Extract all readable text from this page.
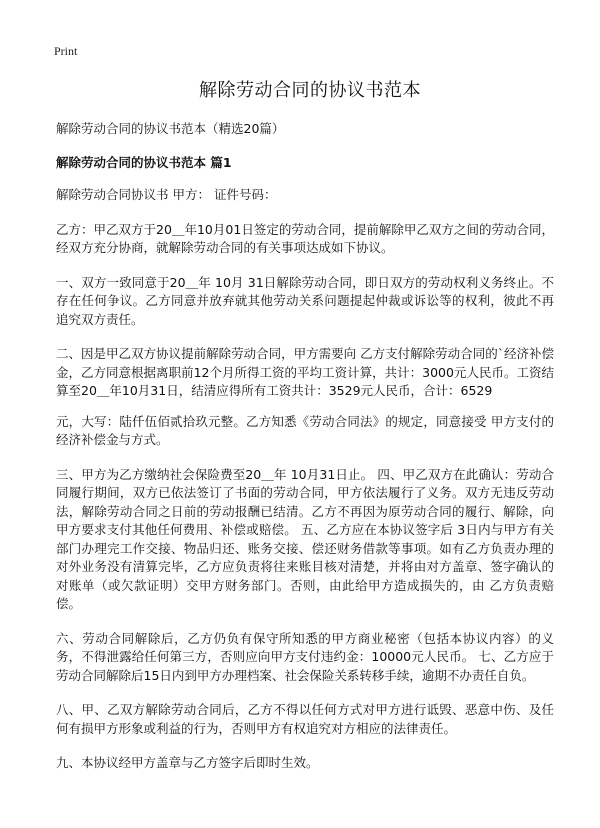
Print
解除劳动合同的协议书范本

解除劳动合同的协议书范本（精选20篇）

解除劳动合同的协议书范本 篇1

解除劳动合同协议书 甲方： 证件号码：

乙方：甲乙双方于20＿年10月01日签定的劳动合同，提前解除甲乙双方之间的劳动合同，经双方充分协商，就解除劳动合同的有关事项达成如下协议。

一、双方一致同意于20＿年 10月 31日解除劳动合同，即日双方的劳动权利义务终止。不存在任何争议。乙方同意并放弃就其他劳动关系问题提起仲裁或诉讼等的权利，彼此不再追究双方责任。

二、因是甲乙双方协议提前解除劳动合同，甲方需要向 乙方支付解除劳动合同的`经济补偿金，乙方同意根据离职前12个月所得工资的平均工资计算，共计：3000元人民币。工资结算至20＿年10月31日，结清应得所有工资共计：3529元人民币，合计：6529

元，大写：陆仟伍佰贰拾玖元整。乙方知悉《劳动合同法》的规定，同意接受 甲方支付的经济补偿金与方式。

三、甲方为乙方缴纳社会保险费至20＿年 10月31日止。 四、甲乙双方在此确认：劳动合同履行期间，双方已依法签订了书面的劳动合同，甲方依法履行了义务。双方无违反劳动法，解除劳动合同之日前的劳动报酬已结清。乙方不再因为原劳动合同的履行、解除，向甲方要求支付其他任何费用、补偿或赔偿。 五、乙方应在本协议签字后 3日内与甲方有关部门办理完工作交接、物品归还、账务交接、偿还财务借款等事项。如有乙方负责办理的对外业务没有清算完毕，乙方应负责将往来账目核对清楚，并将由对方盖章、签字确认的对账单（或欠款证明）交甲方财务部门。否则，由此给甲方造成损失的，由 乙方负责赔偿。

六、劳动合同解除后，乙方仍负有保守所知悉的甲方商业秘密（包括本协议内容）的义务，不得泄露给任何第三方，否则应向甲方支付违约金：10000元人民币。 七、乙方应于劳动合同解除后15日内到甲方办理档案、社会保险关系转移手续，逾期不办责任自负。

八、甲、乙双方解除劳动合同后，乙方不得以任何方式对甲方进行诋毁、恶意中伤、及任何有损甲方形象或利益的行为，否则甲方有权追究对方相应的法律责任。

九、本协议经甲方盖章与乙方签字后即时生效。
